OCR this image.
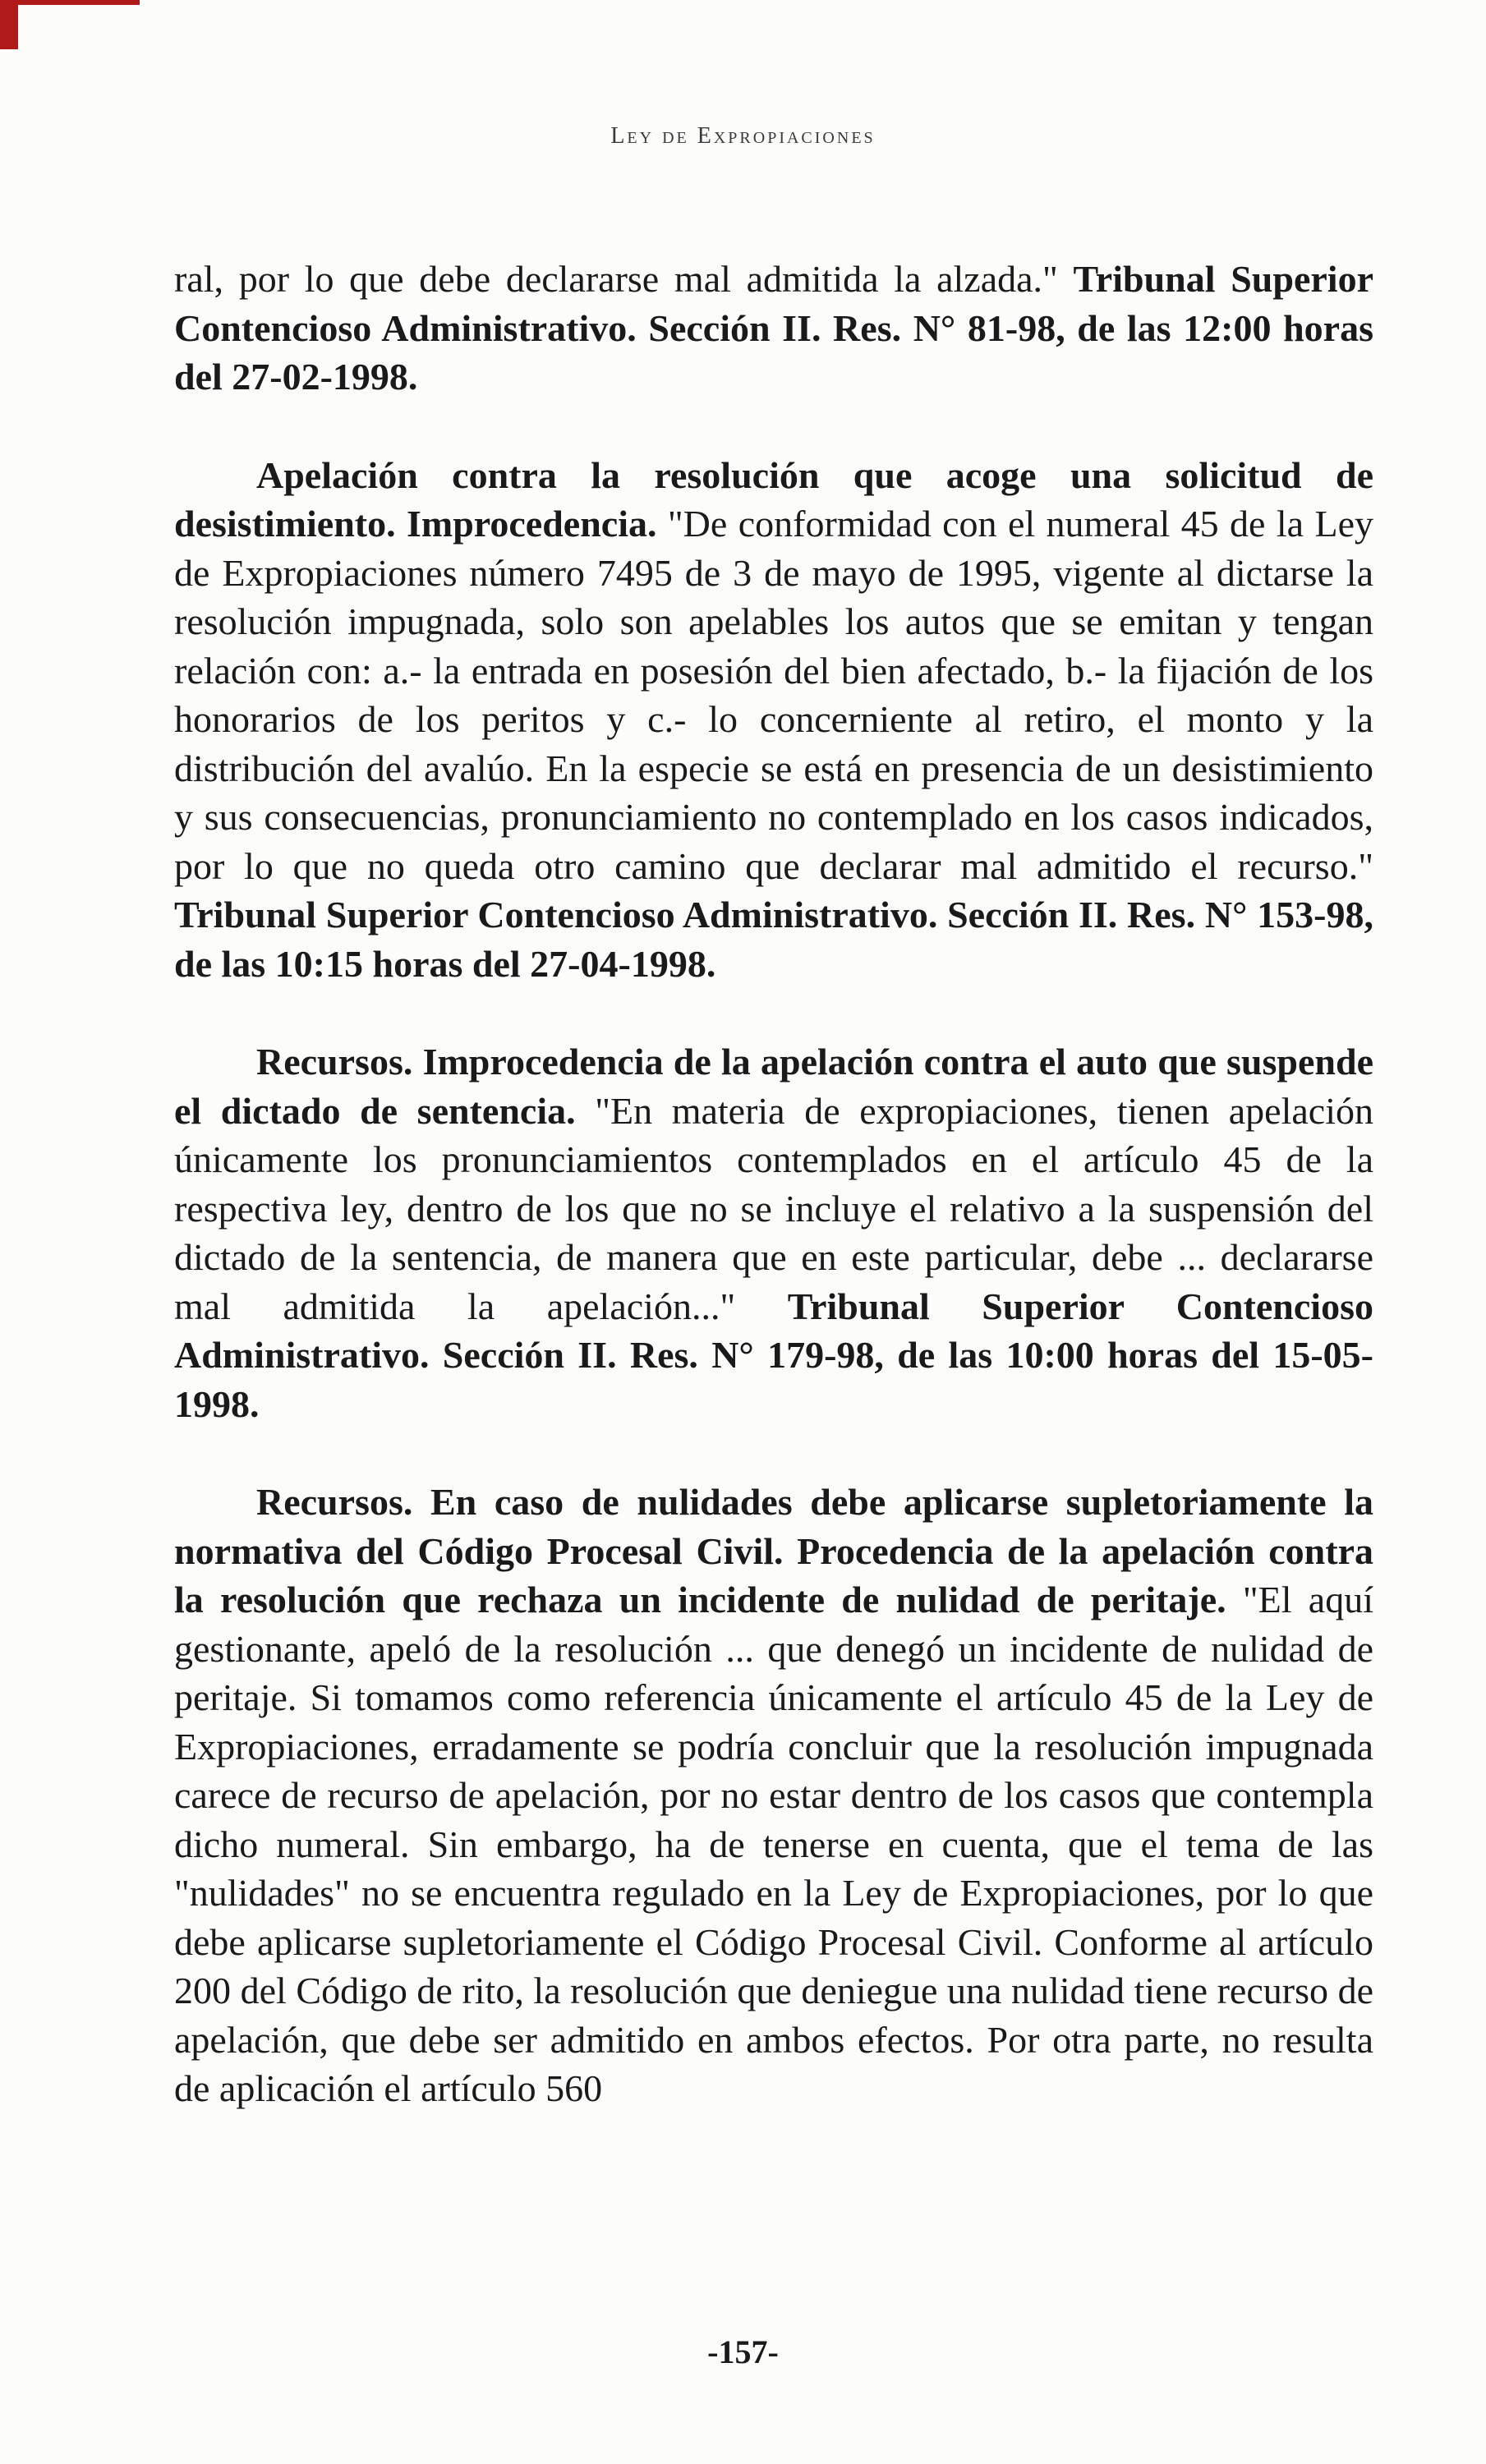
Ley de Expropiaciones

ral, por lo que debe declararse mal admitida la alzada." Tribunal Superior Contencioso Administrativo. Sección II. Res. N° 81-98, de las 12:00 horas del 27-02-1998.

Apelación contra la resolución que acoge una solicitud de desistimiento. Improcedencia. "De conformidad con el numeral 45 de la Ley de Expropiaciones número 7495 de 3 de mayo de 1995, vigente al dictarse la resolución impugnada, solo son apelables los autos que se emitan y tengan relación con: a.- la entrada en posesión del bien afectado, b.- la fijación de los honorarios de los peritos y c.- lo concerniente al retiro, el monto y la distribución del avalúo. En la especie se está en presencia de un desistimiento y sus consecuencias, pronunciamiento no contemplado en los casos indicados, por lo que no queda otro camino que declarar mal admitido el recurso." Tribunal Superior Contencioso Administrativo. Sección II. Res. N° 153-98, de las 10:15 horas del 27-04-1998.

Recursos. Improcedencia de la apelación contra el auto que suspende el dictado de sentencia. "En materia de expropiaciones, tienen apelación únicamente los pronunciamientos contemplados en el artículo 45 de la respectiva ley, dentro de los que no se incluye el relativo a la suspensión del dictado de la sentencia, de manera que en este particular, debe ... declararse mal admitida la apelación..." Tribunal Superior Contencioso Administrativo. Sección II. Res. N° 179-98, de las 10:00 horas del 15-05-1998.

Recursos. En caso de nulidades debe aplicarse supletoriamente la normativa del Código Procesal Civil. Procedencia de la apelación contra la resolución que rechaza un incidente de nulidad de peritaje. "El aquí gestionante, apeló de la resolución ... que denegó un incidente de nulidad de peritaje. Si tomamos como referencia únicamente el artículo 45 de la Ley de Expropiaciones, erradamente se podría concluir que la resolución impugnada carece de recurso de apelación, por no estar dentro de los casos que contempla dicho numeral. Sin embargo, ha de tenerse en cuenta, que el tema de las "nulidades" no se encuentra regulado en la Ley de Expropiaciones, por lo que debe aplicarse supletoriamente el Código Procesal Civil. Conforme al artículo 200 del Código de rito, la resolución que deniegue una nulidad tiene recurso de apelación, que debe ser admitido en ambos efectos. Por otra parte, no resulta de aplicación el artículo 560

-157-
